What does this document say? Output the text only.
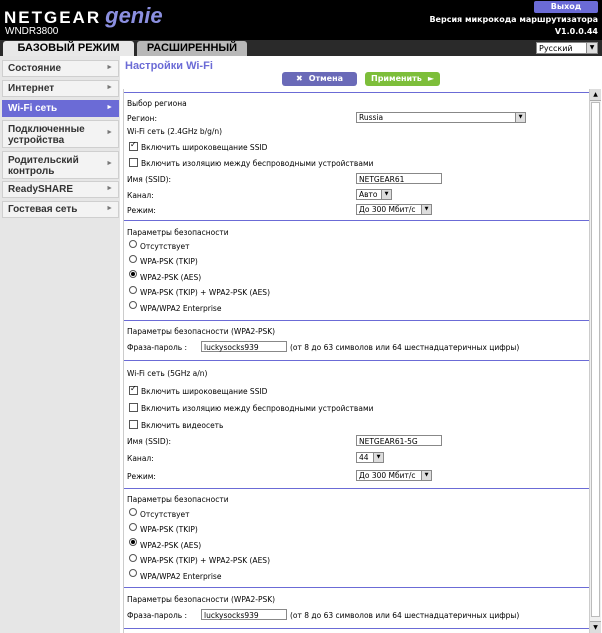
NETGEAR genie
WNDR3800
Выход
Версия микрокода маршрутизатора
V1.0.0.44
БАЗОВЫЙ РЕЖИМ	РАСШИРЕННЫЙ	Русский	▼
Состояние	►
Интернет	►
Wi-Fi сеть	►
Подключенные
устройства
►
Родительский
контроль
►
ReadySHARE	►
Гостевая сеть	►
Настройки Wi-Fi
✖ Отмена	Применить ►
Выбор региона
Регион:	Russia	▼
Wi-Fi сеть (2.4GHz b/g/n)
✓
Включить широковещание SSID
Включить изоляцию между беспроводными устройствами
Имя (SSID):	NETGEAR61
Канал:	Авто	▼
Режим:	До 300 Мбит/с	▼
Параметры безопасности
Отсутствует
WPA-PSK (TKIP)
WPA2-PSK (AES)
WPA-PSK (TKIP) + WPA2-PSK (AES)
WPA/WPA2 Enterprise
Параметры безопасности (WPA2-PSK)
Фраза-пароль :	luckysocks939	(от 8 до 63 символов или 64 шестнадцатеричных цифры)
Wi-Fi сеть (5GHz a/n)
✓
Включить широковещание SSID
Включить изоляцию между беспроводными устройствами
Включить видеосеть
Имя (SSID):	NETGEAR61-5G
Канал:	44	▼
Режим:	До 300 Мбит/с	▼
Параметры безопасности
Отсутствует
WPA-PSK (TKIP)
WPA2-PSK (AES)
WPA-PSK (TKIP) + WPA2-PSK (AES)
WPA/WPA2 Enterprise
Параметры безопасности (WPA2-PSK)
Фраза-пароль :	luckysocks939	(от 8 до 63 символов или 64 шестнадцатеричных цифры)
▲
▼
